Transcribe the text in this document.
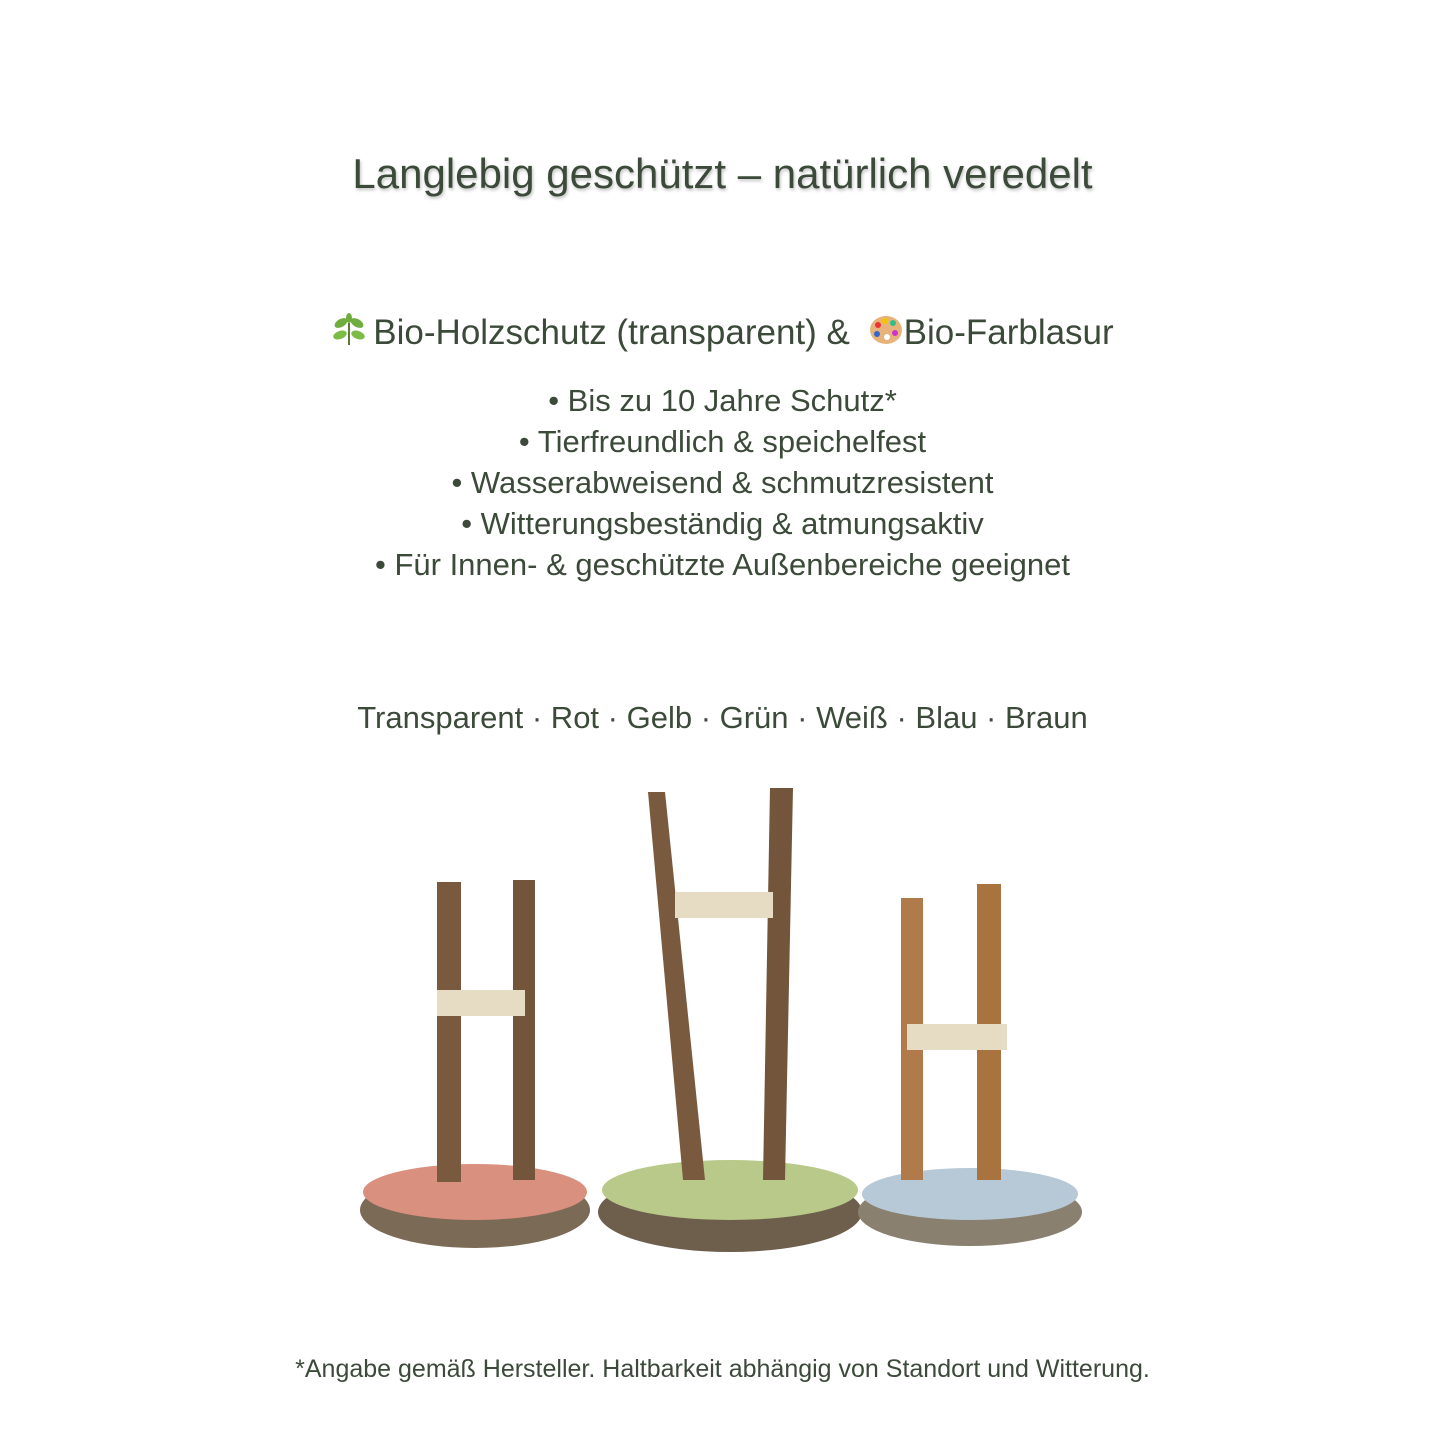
Langlebig geschützt – natürlich veredelt
Bio-Holzschutz (transparent) & Bio-Farblasur
• Bis zu 10 Jahre Schutz*
• Tierfreundlich & speichelfest
• Wasserabweisend & schmutzresistent
• Witterungsbeständig & atmungsaktiv
• Für Innen- & geschützte Außenbereiche geeignet
Transparent · Rot · Gelb · Grün · Weiß · Blau · Braun
*Angabe gemäß Hersteller. Haltbarkeit abhängig von Standort und Witterung.
